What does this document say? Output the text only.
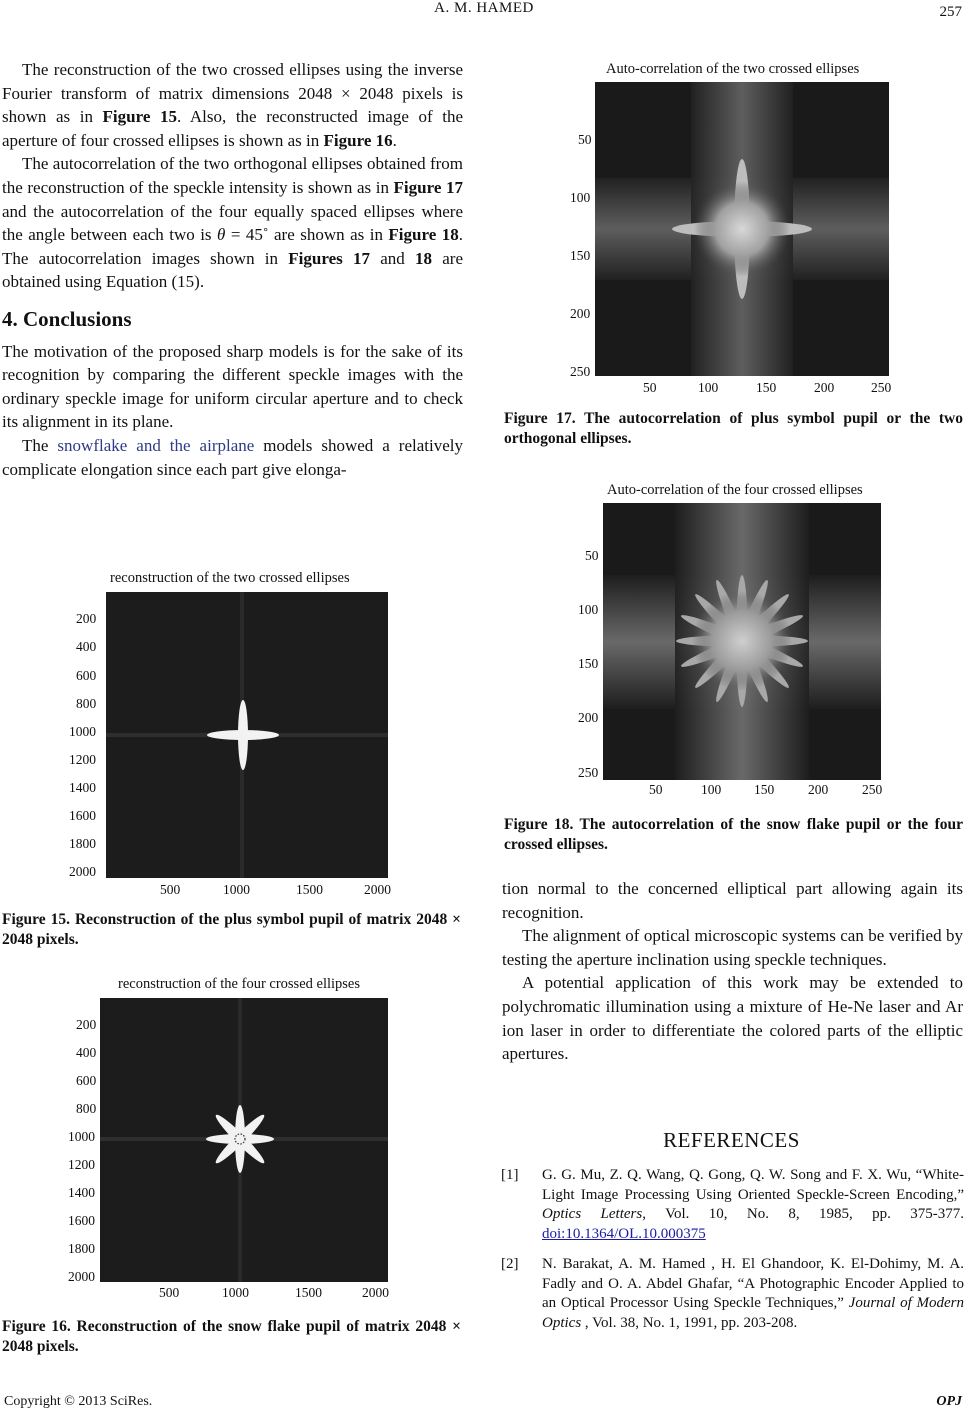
A. M. HAMED	257

The reconstruction of the two crossed ellipses using the inverse Fourier transform of matrix dimensions 2048 × 2048 pixels is shown as in Figure 15. Also, the reconstructed image of the aperture of four crossed ellipses is shown as in Figure 16.

The autocorrelation of the two orthogonal ellipses obtained from the reconstruction of the speckle intensity is shown as in Figure 17 and the autocorrelation of the four equally spaced ellipses where the angle between each two is θ = 45˚ are shown as in Figure 18. The autocorrelation images shown in Figures 17 and 18 are obtained using Equation (15).

4. Conclusions

The motivation of the proposed sharp models is for the sake of its recognition by comparing the different speckle images with the ordinary speckle image for uniform circular aperture and to check its alignment in its plane.

The snowflake and the airplane models showed a relatively complicate elongation since each part give elonga-

reconstruction of the two crossed ellipses
200
400
600
800
1000
1200
1400
1600
1800
2000
500	1000	1500	2000
Figure 15. Reconstruction of the plus symbol pupil of matrix 2048 × 2048 pixels.
reconstruction of the four crossed ellipses
200
400
600
800
1000
1200
1400
1600
1800
2000
500	1000	1500	2000
Figure 16. Reconstruction of the snow flake pupil of matrix 2048 × 2048 pixels.
Auto-correlation of the two crossed ellipses
50
100
150
200
250
50	100	150	200	250
Figure 17. The autocorrelation of plus symbol pupil or the two orthogonal ellipses.
Auto-correlation of the four crossed ellipses
50
100
150
200
250
50	100 150	200	250
Figure 18. The autocorrelation of the snow flake pupil or the four crossed ellipses.

tion normal to the concerned elliptical part allowing again its recognition.

The alignment of optical microscopic systems can be verified by testing the aperture inclination using speckle techniques.

A potential application of this work may be extended to polychromatic illumination using a mixture of He-Ne laser and Ar ion laser in order to differentiate the colored parts of the elliptic apertures.

REFERENCES
[1] G. G. Mu, Z. Q. Wang, Q. Gong, Q. W. Song and F. X. Wu, “White-Light Image Processing Using Oriented Speckle-Screen Encoding,” Optics Letters, Vol. 10, No. 8, 1985, pp. 375-377. doi:10.1364/OL.10.000375
[2] N. Barakat, A. M. Hamed , H. El Ghandoor, K. El-Dohimy, M. A. Fadly and O. A. Abdel Ghafar, “A Photographic Encoder Applied to an Optical Processor Using Speckle Techniques,” Journal of Modern Optics , Vol. 38, No. 1, 1991, pp. 203-208.
Copyright © 2013 SciRes.	OPJ
